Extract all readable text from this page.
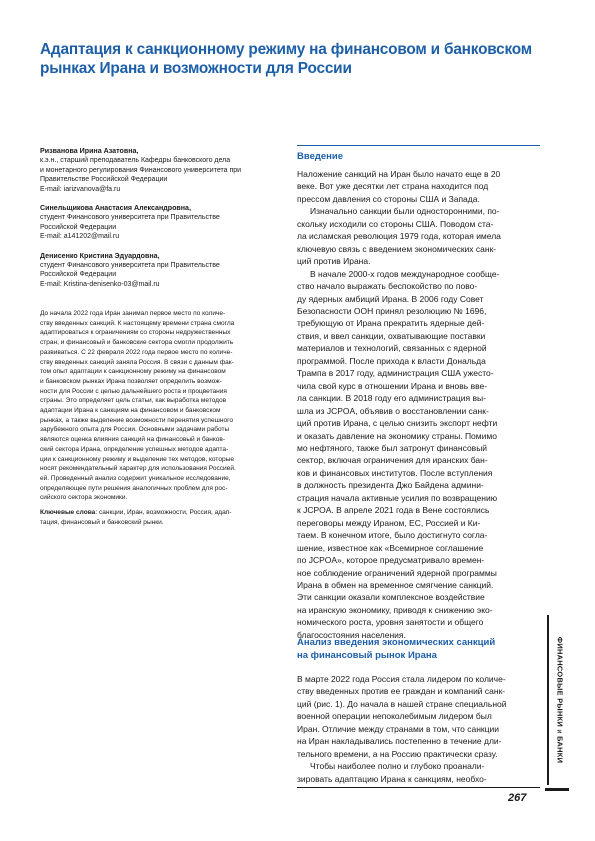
Адаптация к санкционному режиму на финансовом и банковском рынках Ирана и возможности для России
Ризванова Ирина Азатовна,
к.э.н., старший преподаватель Кафедры банковского дела
и монетарного регулирования Финансового университета при
Правительстве Российской Федерации
E-mail: iarizvanova@fa.ru
Синельщикова Анастасия Александровна,
студент Финансового университета при Правительстве
Российской Федерации
E-mail: a141202@mail.ru
Денисенко Кристина Эдуардовна,
студент Финансового университета при Правительстве
Российской Федерации
E-mail: Kristina-denisenko-03@mail.ru
До начала 2022 года Иран занимал первое место по количе-
ству введенных санкций. К настоящему времени страна смогла
адаптироваться к ограничениям со стороны недружественных
стран, и финансовый и банковские сектора смогли продолжить
развиваться. С 22 февраля 2022 года первое место по количе-
ству введенных санкций заняла Россия. В связи с данным фак-
том опыт адаптации к санкционному режиму на финансовом
и банковском рынках Ирана позволяет определить возмож-
ности для России с целью дальнейшего роста и процветания
страны. Это определяет цель статьи, как выработка методов
адаптации Ирана к санкциям на финансовом и банковском
рынках, а также выделение возможности перенятия успешного
зарубежного опыта для России. Основными задачами работы
являются оценка влияния санкций на финансовый и банков-
ский сектора Ирана, определение успешных методов адапта-
ции к санкционному режиму и выделение тех методов, которые
носят рекомендательный характер для использования Россией.
ей. Проведенный анализ содержит уникальное исследование,
определяющее пути решения аналогичных проблем для рос-
сийского сектора экономики.
Ключевые слова: санкции, Иран, возможности, Россия, адап-
тация, финансовый и банковский рынки.
Введение
Наложение санкций на Иран было начато еще в 20
веке. Вот уже десятки лет страна находится под
прессом давления со стороны США и Запада.
Изначально санкции были односторонними, по-
скольку исходили со стороны США. Поводом ста-
ла исламская революция 1979 года, которая имела
ключевую связь с введением экономических санк-
ций против Ирана.
В начале 2000-х годов международное сообще-
ство начало выражать беспокойство по пово-
ду ядерных амбиций Ирана. В 2006 году Совет
Безопасности ООН принял резолюцию № 1696,
требующую от Ирана прекратить ядерные дей-
ствия, и ввел санкции, охватывающие поставки
материалов и технологий, связанных с ядерной
программой. После прихода к власти Дональда
Трампа в 2017 году, администрация США ужесто-
чила свой курс в отношении Ирана и вновь вве-
ла санкции. В 2018 году его администрация вы-
шла из JCPOA, объявив о восстановлении санк-
ций против Ирана, с целью снизить экспорт нефти
и оказать давление на экономику страны. Помимо
мо нефтяного, также был затронут финансовый
сектор, включая ограничения для иранских бан-
ков и финансовых институтов. После вступления
в должность президента Джо Байдена админи-
страция начала активные усилия по возвращению
к JCPOA. В апреле 2021 года в Вене состоялись
переговоры между Ираном, ЕС, Россией и Ки-
таем. В конечном итоге, было достигнуто согла-
шение, известное как «Всемирное соглашение
по JCPOA», которое предусматривало времен-
ное соблюдение ограничений ядерной программы
Ирана в обмен на временное смягчение санкций.
Эти санкции оказали комплексное воздействие
на иранскую экономику, приводя к снижению эко-
номического роста, уровня занятости и общего
благосостояния населения.
Анализ введения экономических санкций
на финансовый рынок Ирана
В марте 2022 года Россия стала лидером по количе-
ству введенных против ее граждан и компаний санк-
ций (рис. 1). До начала в нашей стране специальной
военной операции непоколебимым лидером был
Иран. Отличие между странами в том, что санкции
на Иран накладывались постепенно в течение дли-
тельного времени, а на Россию практически сразу.
Чтобы наиболее полно и глубоко проанали-
зировать адаптацию Ирана к санкциям, необхо-
ФИНАНСОВЫЕ РЫНКИ и БАНКИ
267
